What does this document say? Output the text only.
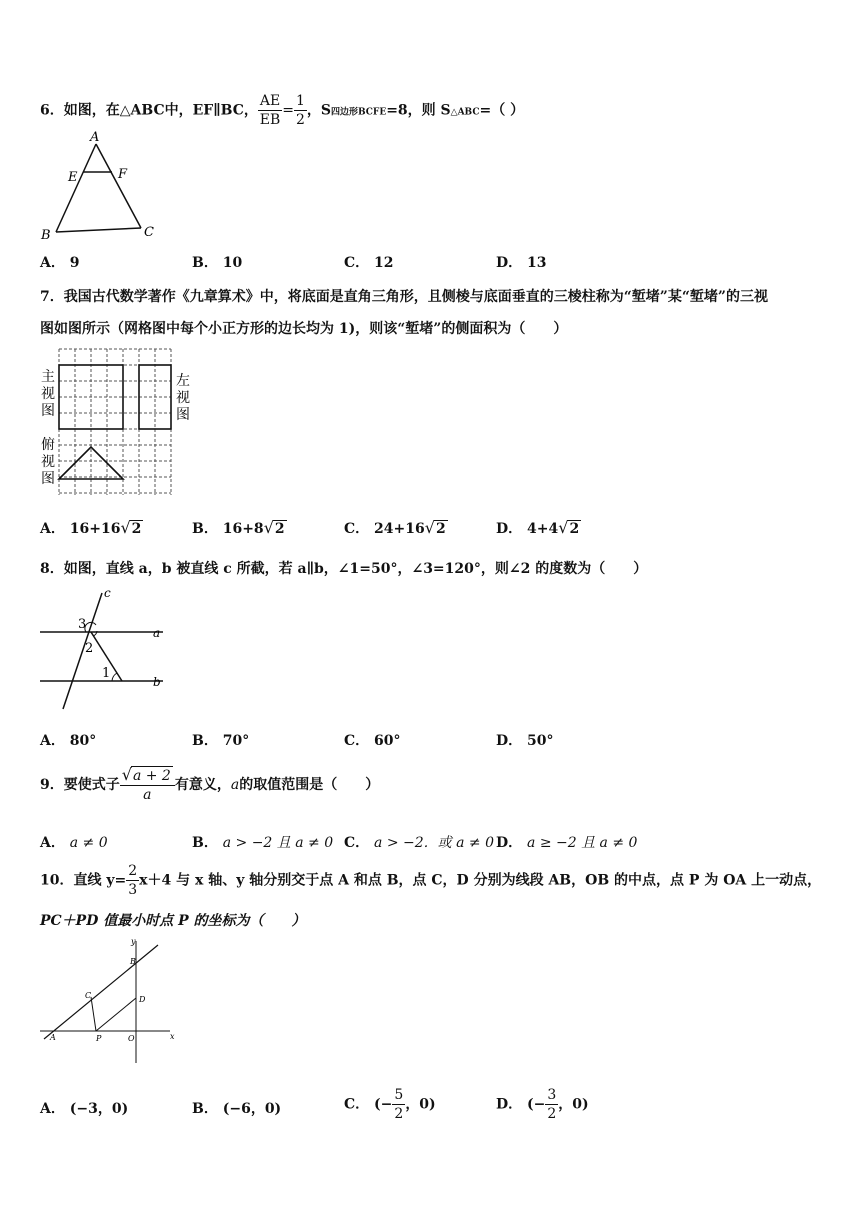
6．如图，在△ABC中，EF∥BC， $\frac{AE}{EB} = \frac{1}{2}$ ，S四边形BCFE=8，则 S△ABC=（ ）
A
E	F
B	C
A． 9	B． 10	C． 12	D． 13
7．我国古代数学著作《九章算术》中，将底面是直角三角形，且侧棱与底面垂直的三棱柱称为“堑堵”某“堑堵”的三视
图如图所示（网格图中每个小正方形的边长均为 1)，则该“堑堵”的侧面积为（　　）
主
视
图
左
视
图
俯
视
图
A． 16+16√2	B． 16+8√2	C． 24+16√2	D． 4+4√2
8．如图，直线 a，b 被直线 c 所截，若 a∥b，∠1=50°，∠3=120°，则∠2 的度数为（　　）
c
a
b
3
2
1
A． 80°	B． 70°	C． 60°	D． 50°
9．要使式子 $\frac{√a + 2}{a}$ 有意义，a的取值范围是（　　）
A． a ≠ 0	B． a > −2 且 a ≠ 0 C． a > −2．或 a ≠ 0 D． a ≥ −2 且 a ≠ 0
10．直线 $y= \frac{2}{3} x+4$ 与 x 轴、y 轴分别交于点 A 和点 B，点 C，D 分别为线段 AB，OB 的中点，点 P 为 OA 上一动点，
PC＋PD 值最小时点 P 的坐标为（　　）
y
x
A
B
C	D
P	O
A． (−3，0)	B． (−6，0)	C． (− $\frac{5}{2}$ ，0)	D． (− $\frac{3}{2}$ ，0)
